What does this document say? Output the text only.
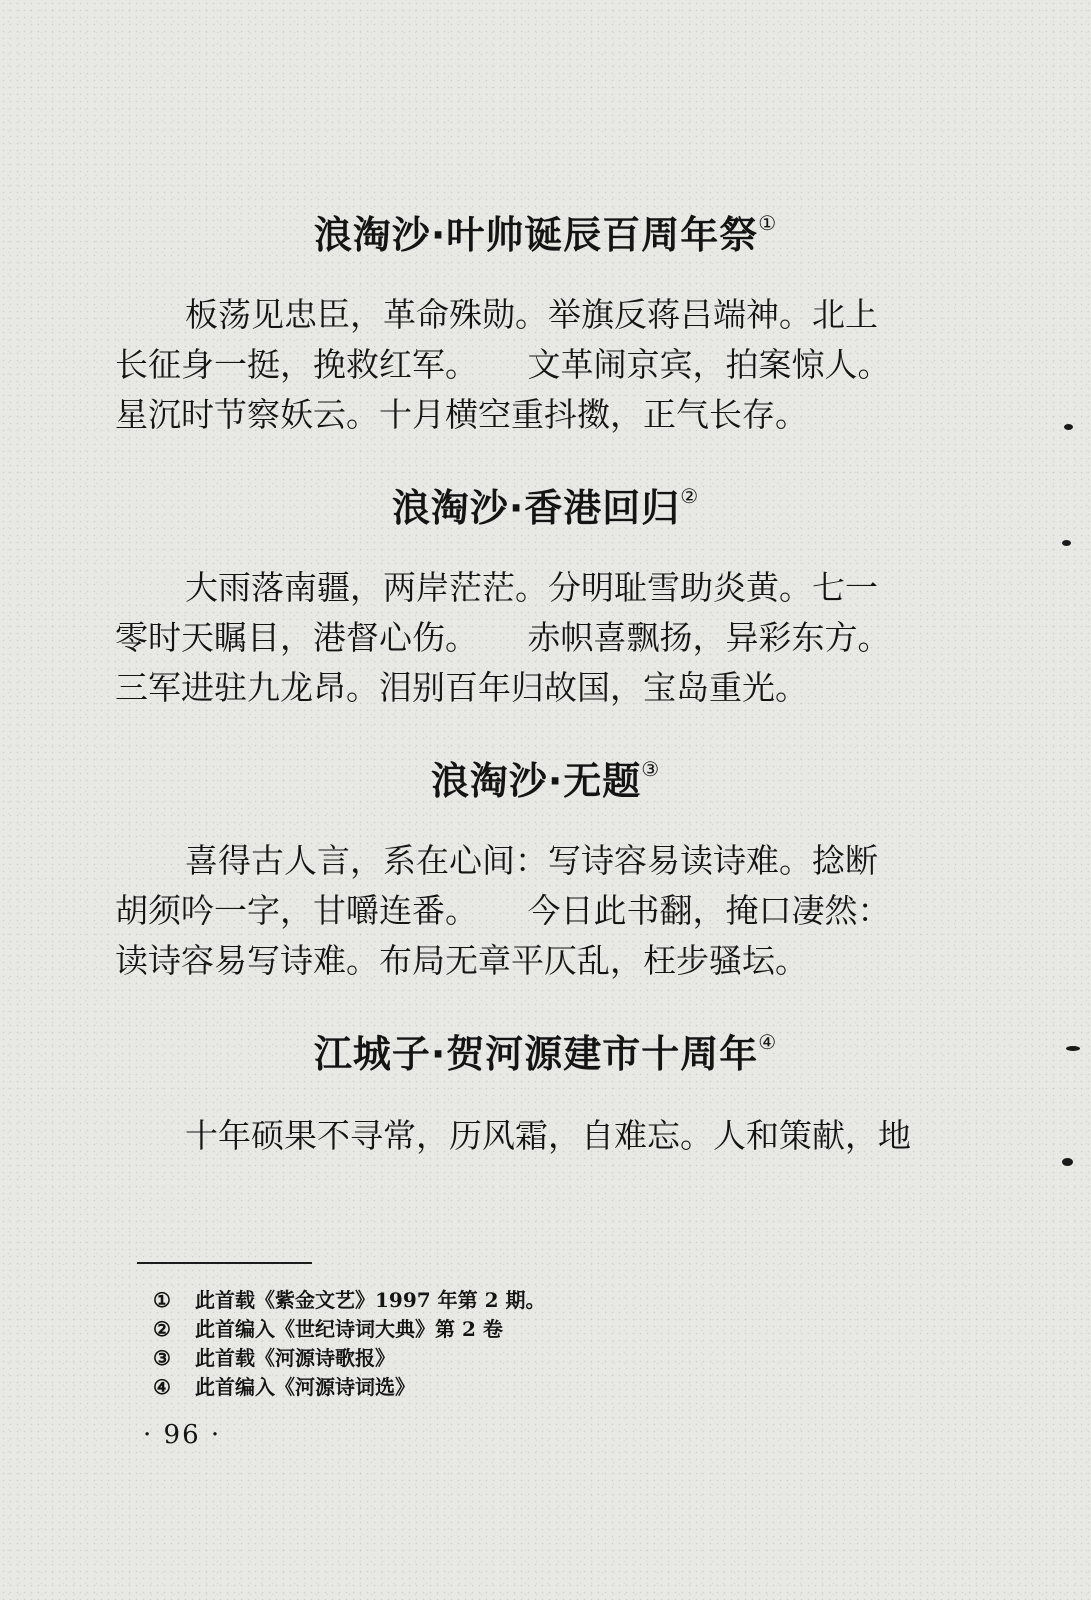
浪淘沙·叶帅诞辰百周年祭①
板荡见忠臣，革命殊勋。举旗反蒋吕端神。北上
长征身一挺，挽救红军。　　文革闹京宾，拍案惊人。
星沉时节察妖云。十月横空重抖擞，正气长存。
浪淘沙·香港回归②
大雨落南疆，两岸茫茫。分明耻雪助炎黄。七一
零时天瞩目，港督心伤。　　赤帜喜飘扬，异彩东方。
三军进驻九龙昂。泪别百年归故国，宝岛重光。
浪淘沙·无题③
喜得古人言，系在心间：写诗容易读诗难。捻断
胡须吟一字，甘嚼连番。　　今日此书翻，掩口凄然：
读诗容易写诗难。布局无章平仄乱，枉步骚坛。
江城子·贺河源建市十周年④
十年硕果不寻常，历风霜，自难忘。人和策献，地
①	此首载《紫金文艺》1997 年第 2 期。
②	此首编入《世纪诗词大典》第 2 卷
③	此首载《河源诗歌报》
④	此首编入《河源诗词选》
· 96 ·
